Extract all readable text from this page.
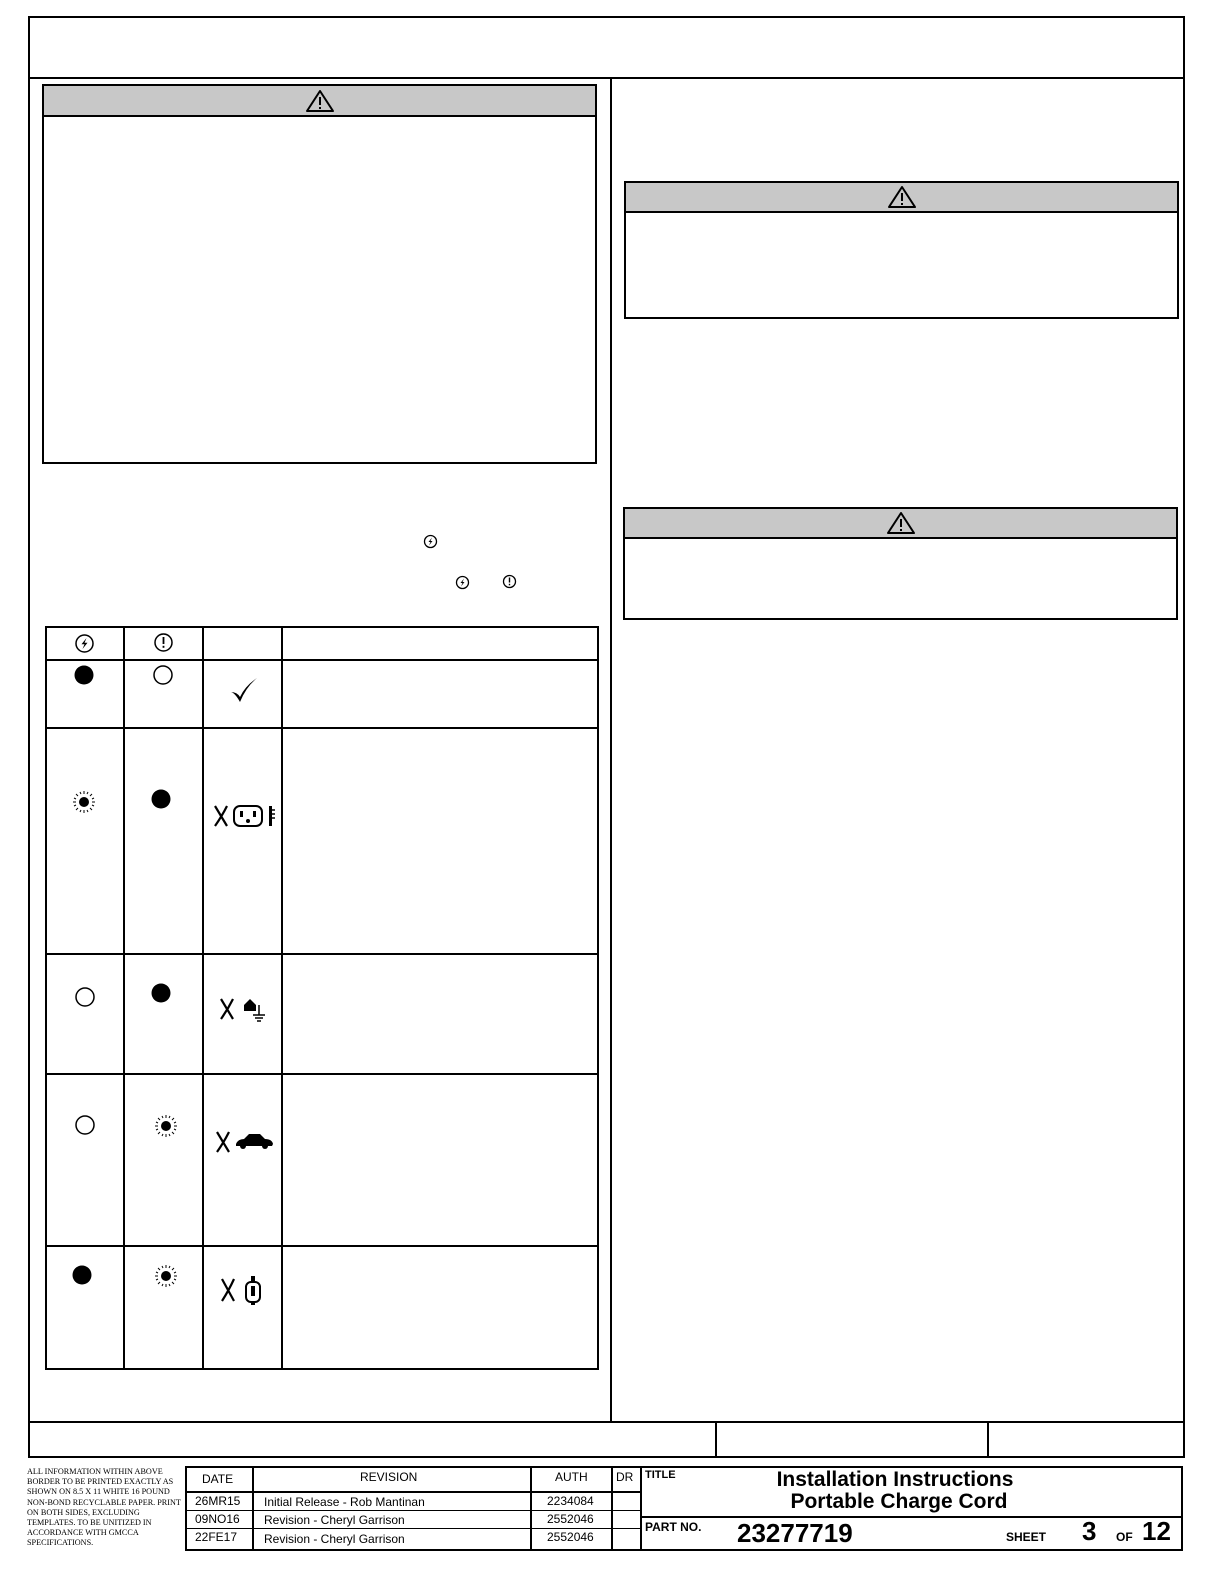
ALL INFORMATION WITHIN ABOVE BORDER TO BE PRINTED EXACTLY AS SHOWN ON 8.5 X 11 WHITE 16 POUND NON-BOND RECYCLABLE PAPER. PRINT ON BOTH SIDES, EXCLUDING TEMPLATES. TO BE UNITIZED IN ACCORDANCE WITH GMCCA SPECIFICATIONS.
DATE	REVISION	AUTH DR
26MR15 Initial Release - Rob Mantinan	2234084
09NO16 Revision - Cheryl Garrison	2552046
22FE17 Revision - Cheryl Garrison	2552046
TITLE	Installation Instructions
Portable Charge Cord
PART NO. 23277719	SHEET 3 OF 12
